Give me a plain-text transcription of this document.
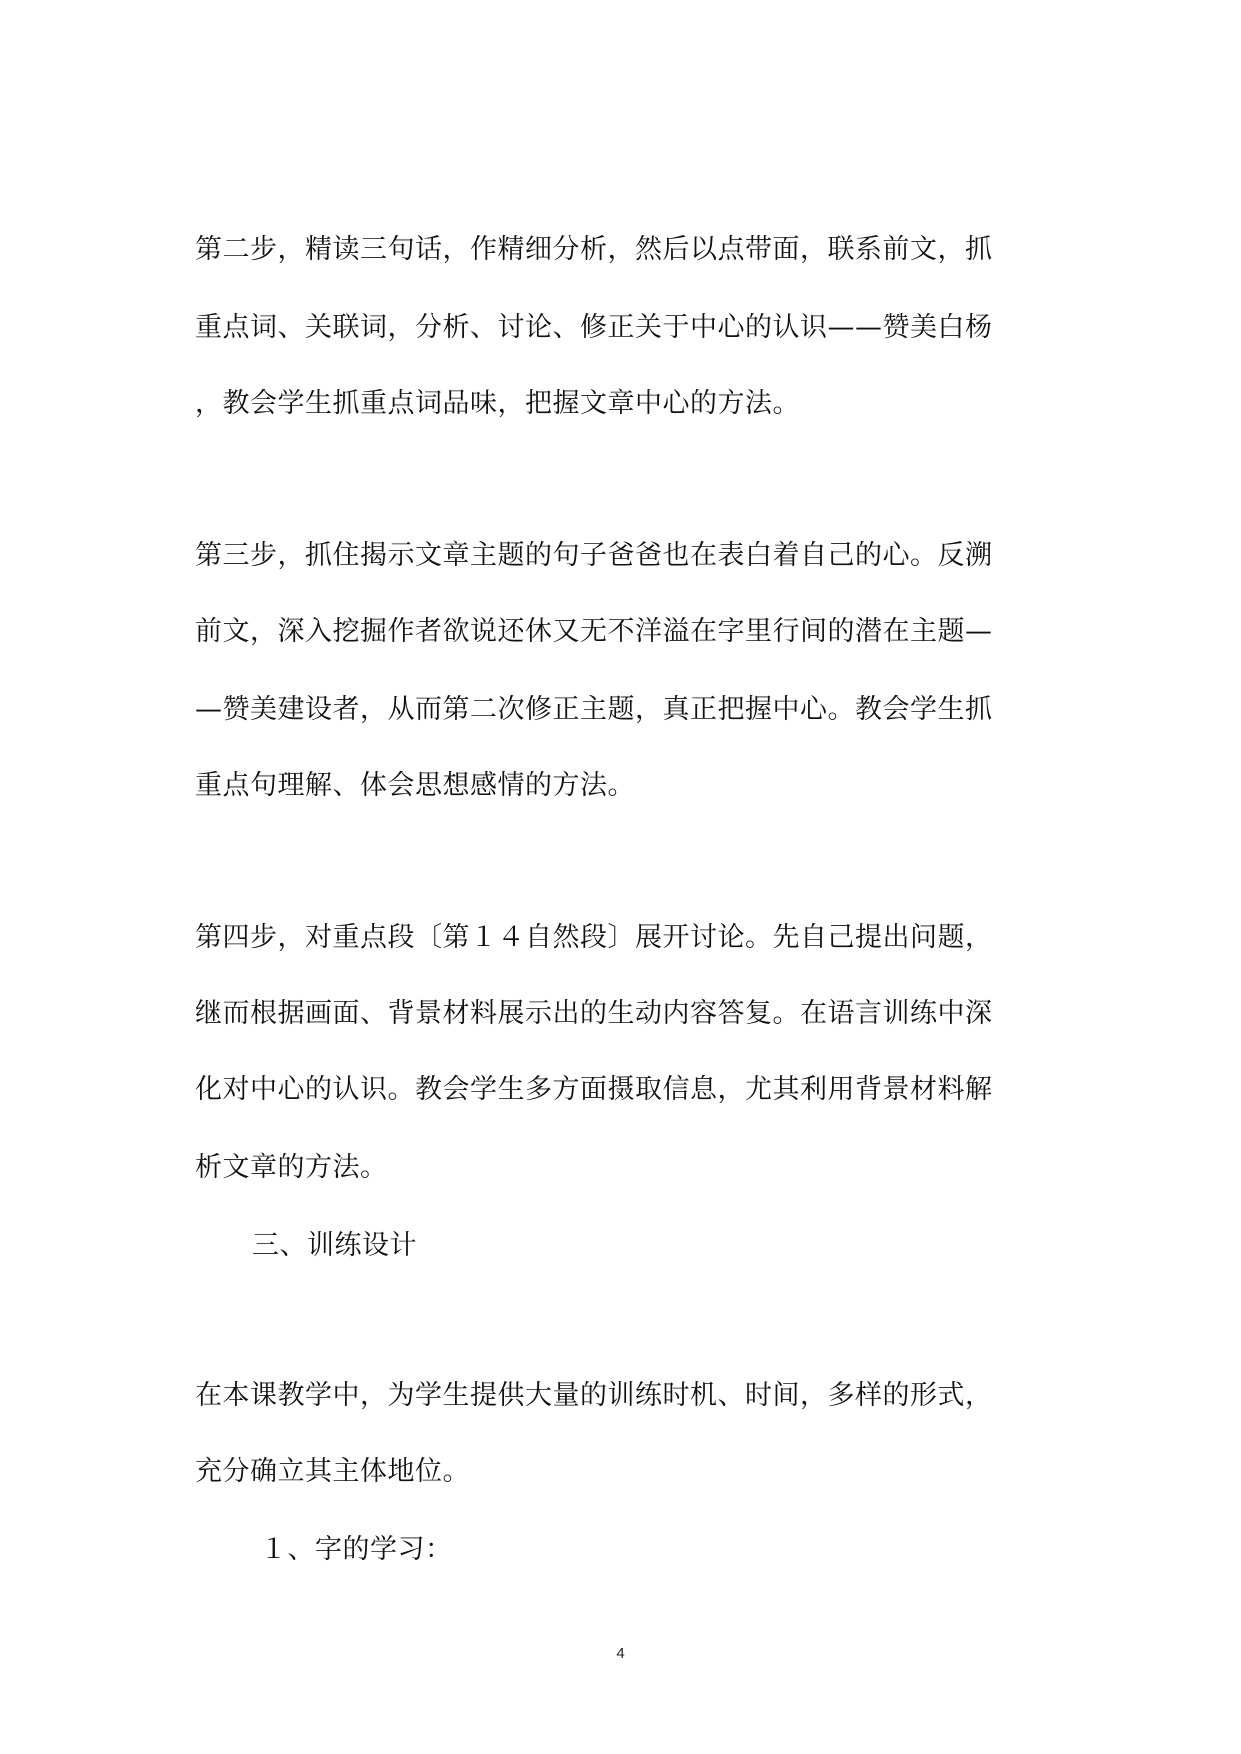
第二步，精读三句话，作精细分析，然后以点带面，联系前文，抓
重点词、关联词，分析、讨论、修正关于中心的认识——赞美白杨
，教会学生抓重点词品味，把握文章中心的方法。
第三步，抓住揭示文章主题的句子爸爸也在表白着自己的心。反溯
前文，深入挖掘作者欲说还休又无不洋溢在字里行间的潜在主题—
—赞美建设者，从而第二次修正主题，真正把握中心。教会学生抓
重点句理解、体会思想感情的方法。
第四步，对重点段〔第１４自然段〕展开讨论。先自己提出问题，
继而根据画面、背景材料展示出的生动内容答复。在语言训练中深
化对中心的认识。教会学生多方面摄取信息，尤其利用背景材料解
析文章的方法。
三、训练设计
在本课教学中，为学生提供大量的训练时机、时间，多样的形式，
充分确立其主体地位。
１、字的学习：
4
